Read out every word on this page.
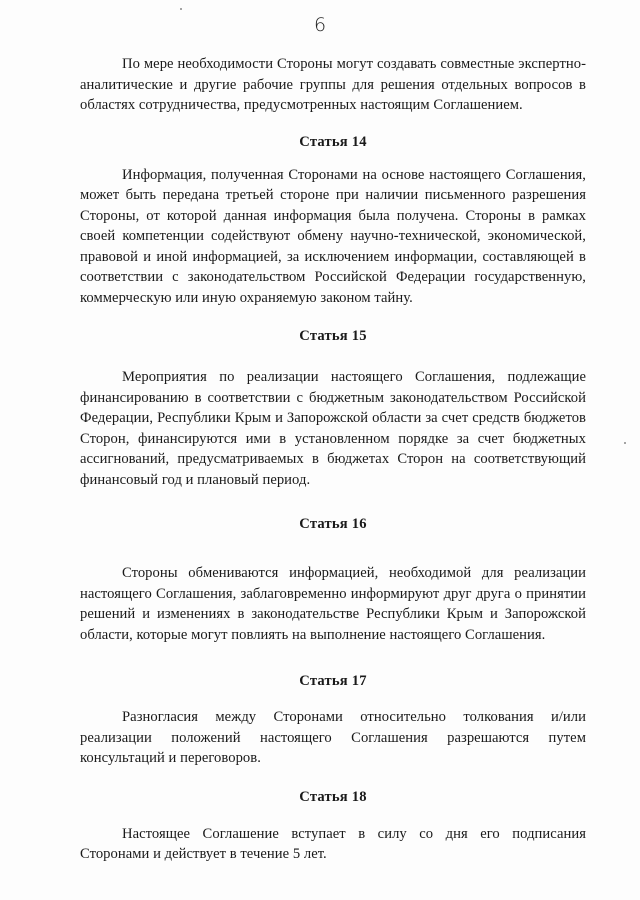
6

По мере необходимости Стороны могут создавать совместные экспертно-аналитические и другие рабочие группы для решения отдельных вопросов в областях сотрудничества, предусмотренных настоящим Соглашением.

Статья 14

Информация, полученная Сторонами на основе настоящего Соглашения, может быть передана третьей стороне при наличии письменного разрешения Стороны, от которой данная информация была получена. Стороны в рамках своей компетенции содействуют обмену научно-технической, экономической, правовой и иной информацией, за исключением информации, составляющей в соответствии с законодательством Российской Федерации государственную, коммерческую или иную охраняемую законом тайну.

Статья 15

Мероприятия по реализации настоящего Соглашения, подлежащие финансированию в соответствии с бюджетным законодательством Российской Федерации, Республики Крым и Запорожской области за счет средств бюджетов Сторон, финансируются ими в установленном порядке за счет бюджетных ассигнований, предусматриваемых в бюджетах Сторон на соответствующий финансовый год и плановый период.

Статья 16

Стороны обмениваются информацией, необходимой для реализации настоящего Соглашения, заблаговременно информируют друг друга о принятии решений и изменениях в законодательстве Республики Крым и Запорожской области, которые могут повлиять на выполнение настоящего Соглашения.

Статья 17

Разногласия между Сторонами относительно толкования и/или реализации положений настоящего Соглашения разрешаются путем консультаций и переговоров.

Статья 18

Настоящее Соглашение вступает в силу со дня его подписания Сторонами и действует в течение 5 лет.
